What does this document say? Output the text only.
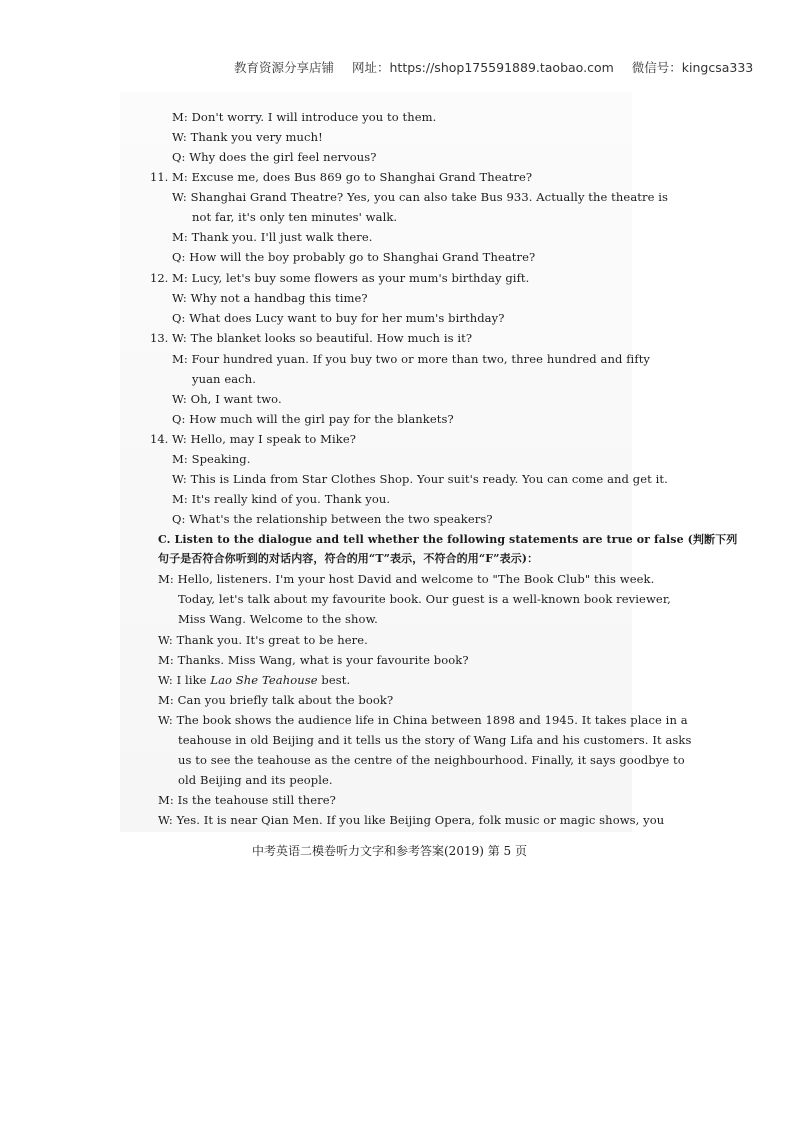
教育资源分享店铺 网址：https://shop175591889.taobao.com 微信号：kingcsa333
M: Don't worry. I will introduce you to them.
W: Thank you very much!
Q: Why does the girl feel nervous?
11. M: Excuse me, does Bus 869 go to Shanghai Grand Theatre?
W: Shanghai Grand Theatre? Yes, you can also take Bus 933. Actually the theatre is
not far, it's only ten minutes' walk.
M: Thank you. I'll just walk there.
Q: How will the boy probably go to Shanghai Grand Theatre?
12. M: Lucy, let's buy some flowers as your mum's birthday gift.
W: Why not a handbag this time?
Q: What does Lucy want to buy for her mum's birthday?
13. W: The blanket looks so beautiful. How much is it?
M: Four hundred yuan. If you buy two or more than two, three hundred and fifty
yuan each.
W: Oh, I want two.
Q: How much will the girl pay for the blankets?
14. W: Hello, may I speak to Mike?
M: Speaking.
W: This is Linda from Star Clothes Shop. Your suit's ready. You can come and get it.
M: It's really kind of you. Thank you.
Q: What's the relationship between the two speakers?
C. Listen to the dialogue and tell whether the following statements are true or false (判断下列
句子是否符合你听到的对话内容，符合的用“T”表示，不符合的用“F”表示)：
M: Hello, listeners. I'm your host David and welcome to "The Book Club" this week.
Today, let's talk about my favourite book. Our guest is a well-known book reviewer,
Miss Wang. Welcome to the show.
W: Thank you. It's great to be here.
M: Thanks. Miss Wang, what is your favourite book?
W: I like Lao She Teahouse best.
M: Can you briefly talk about the book?
W: The book shows the audience life in China between 1898 and 1945. It takes place in a
teahouse in old Beijing and it tells us the story of Wang Lifa and his customers. It asks
us to see the teahouse as the centre of the neighbourhood. Finally, it says goodbye to
old Beijing and its people.
M: Is the teahouse still there?
W: Yes. It is near Qian Men. If you like Beijing Opera, folk music or magic shows, you
中考英语二模卷听力文字和参考答案(2019) 第 5 页
